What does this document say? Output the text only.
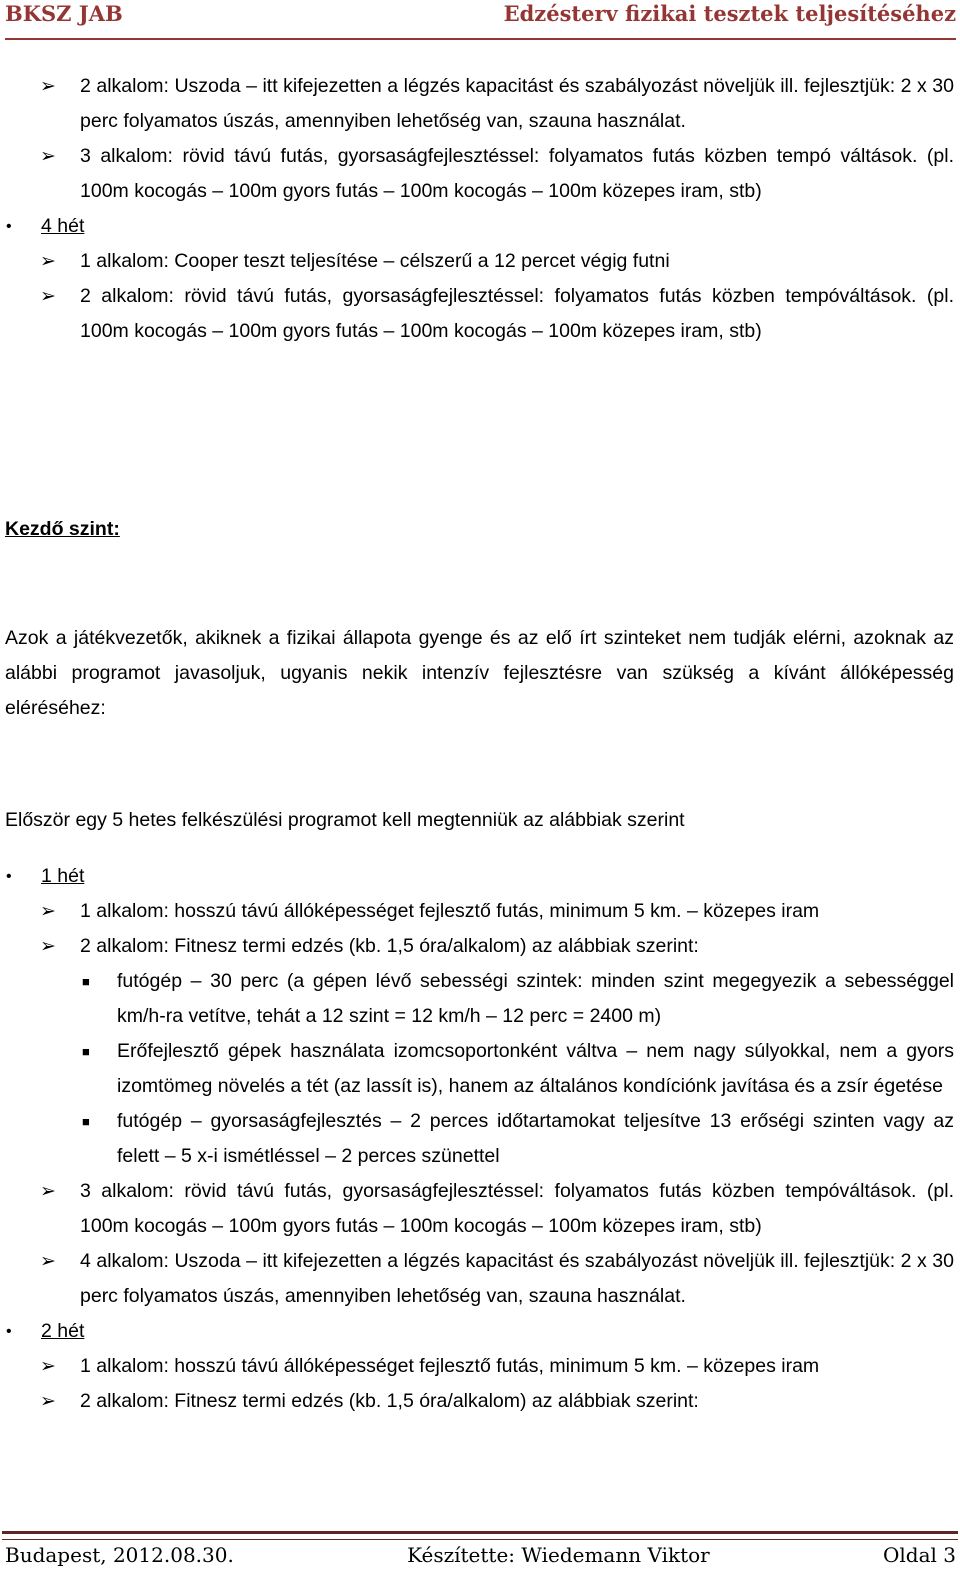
BKSZ JAB	Edzésterv fizikai tesztek teljesítéséhez
➢ 2 alkalom: Uszoda – itt kifejezetten a légzés kapacitást és szabályozást növeljük ill. fejlesztjük: 2 x 30 perc folyamatos úszás, amennyiben lehetőség van, szauna használat.
➢ 3 alkalom: rövid távú futás, gyorsaságfejlesztéssel: folyamatos futás közben tempó váltások. (pl. 100m kocogás – 100m gyors futás – 100m kocogás – 100m közepes iram, stb)
• 4 hét
➢ 1 alkalom: Cooper teszt teljesítése – célszerű a 12 percet végig futni
➢ 2 alkalom: rövid távú futás, gyorsaságfejlesztéssel: folyamatos futás közben tempóváltások. (pl. 100m kocogás – 100m gyors futás – 100m kocogás – 100m közepes iram, stb)
Kezdő szint:
Azok a játékvezetők, akiknek a fizikai állapota gyenge és az elő írt szinteket nem tudják elérni, azoknak az alábbi programot javasoljuk, ugyanis nekik intenzív fejlesztésre van szükség a kívánt állóképesség eléréséhez:
Először egy 5 hetes felkészülési programot kell megtenniük az alábbiak szerint
• 1 hét
➢ 1 alkalom: hosszú távú állóképességet fejlesztő futás, minimum 5 km. – közepes iram
➢ 2 alkalom: Fitnesz termi edzés (kb. 1,5 óra/alkalom) az alábbiak szerint:
■ futógép – 30 perc (a gépen lévő sebességi szintek: minden szint megegyezik a sebességgel km/h-ra vetítve, tehát a 12 szint = 12 km/h – 12 perc = 2400 m)
■ Erőfejlesztő gépek használata izomcsoportonként váltva – nem nagy súlyokkal, nem a gyors izomtömeg növelés a tét (az lassít is), hanem az általános kondíciónk javítása és a zsír égetése
■ futógép – gyorsaságfejlesztés – 2 perces időtartamokat teljesítve 13 erőségi szinten vagy az felett – 5 x-i ismétléssel – 2 perces szünettel
➢ 3 alkalom: rövid távú futás, gyorsaságfejlesztéssel: folyamatos futás közben tempóváltások. (pl. 100m kocogás – 100m gyors futás – 100m kocogás – 100m közepes iram, stb)
➢ 4 alkalom: Uszoda – itt kifejezetten a légzés kapacitást és szabályozást növeljük ill. fejlesztjük: 2 x 30 perc folyamatos úszás, amennyiben lehetőség van, szauna használat.
• 2 hét
➢ 1 alkalom: hosszú távú állóképességet fejlesztő futás, minimum 5 km. – közepes iram
➢ 2 alkalom: Fitnesz termi edzés (kb. 1,5 óra/alkalom) az alábbiak szerint:
Budapest, 2012.08.30.	Készítette: Wiedemann Viktor	Oldal 3
